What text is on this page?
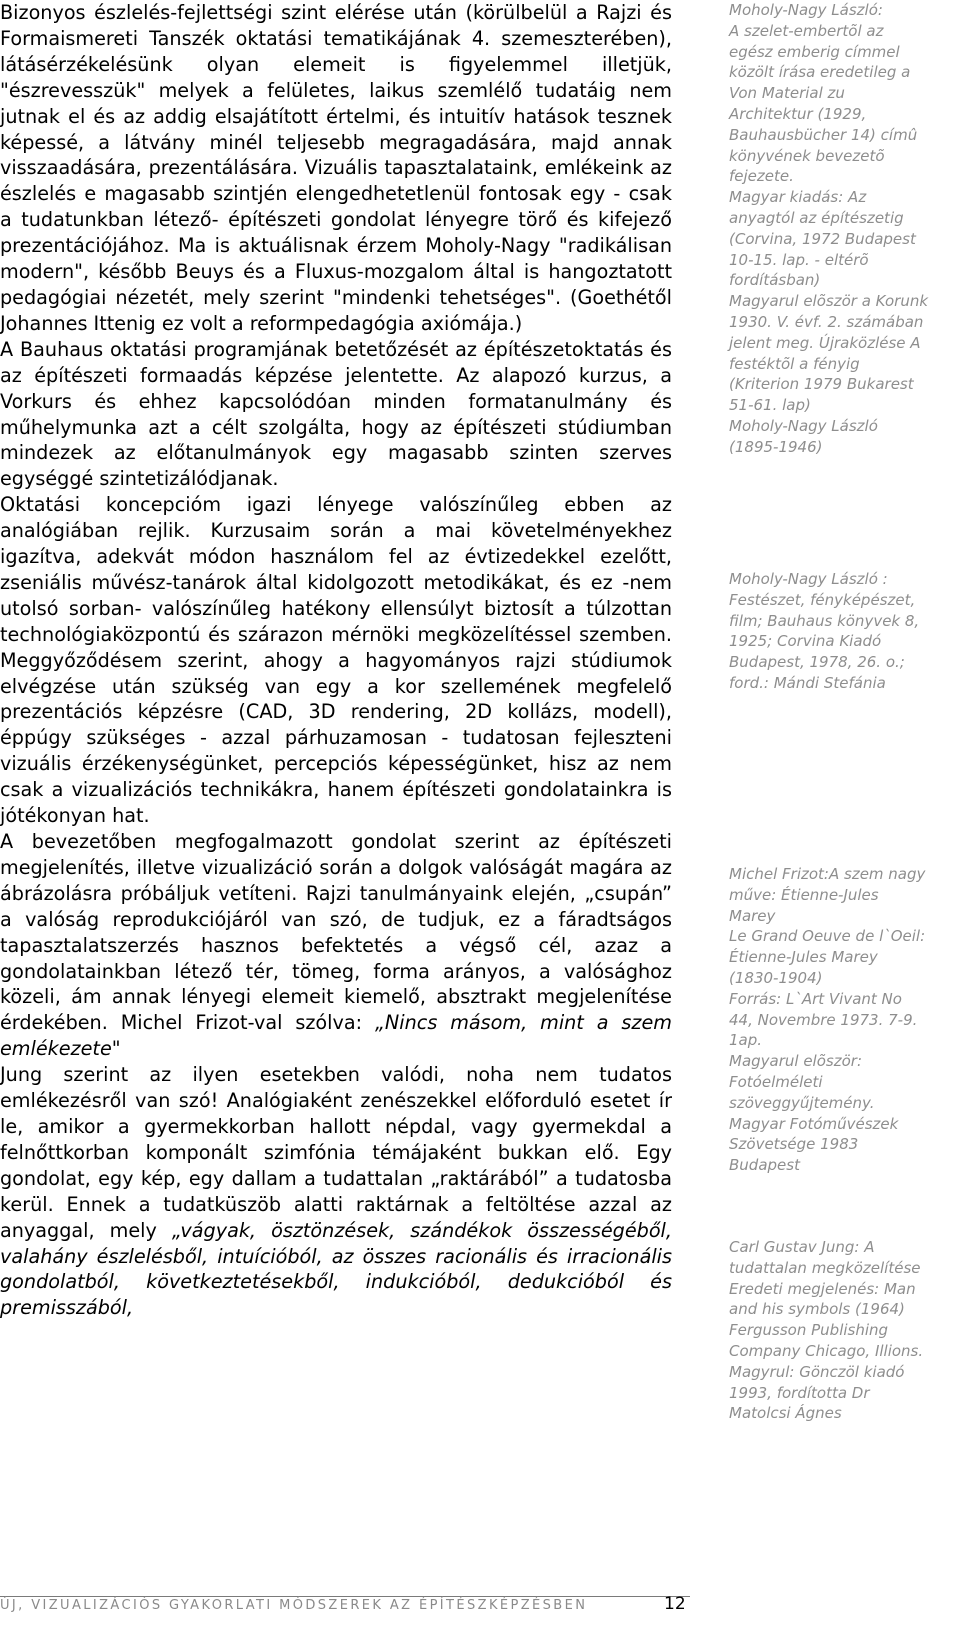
Bizonyos észlelés-fejlettségi szint elérése után (körülbelül a Rajzi és Formaismereti Tanszék oktatási tematikájának 4. szemeszterében), látásérzékelésünk olyan elemeit is figyelemmel illetjük, "észrevesszük" melyek a felületes, laikus szemlélő tudatáig nem jutnak el és az addig elsajátított értelmi, és intuitív hatások tesznek képessé, a látvány minél teljesebb megragadására, majd annak visszaadására, prezentálására. Vizuális tapasztalataink, emlékeink az észlelés e magasabb szintjén elengedhetetlenül fontosak egy - csak a tudatunkban létező- építészeti gondolat lényegre törő és kifejező prezentációjához. Ma is aktuálisnak érzem Moholy-Nagy "radikálisan modern", később Beuys és a Fluxus-mozgalom által is hangoztatott pedagógiai nézetét, mely szerint "mindenki tehetséges". (Goethétől Johannes Ittenig ez volt a reformpedagógia axiómája.)

A Bauhaus oktatási programjának betetőzését az építészetoktatás és az építészeti formaadás képzése jelentette. Az alapozó kurzus, a Vorkurs és ehhez kapcsolódóan minden formatanulmány és műhelymunka azt a célt szolgálta, hogy az építészeti stúdiumban mindezek az előtanulmányok egy magasabb szinten szerves egységgé szintetizálódjanak.

Oktatási koncepcióm igazi lényege valószínűleg ebben az analógiában rejlik. Kurzusaim során a mai követelményekhez igazítva, adekvát módon használom fel az évtizedekkel ezelőtt, zseniális művész-tanárok által kidolgozott metodikákat, és ez -nem utolsó sorban- valószínűleg hatékony ellensúlyt biztosít a túlzottan technológiaközpontú és szárazon mérnöki megközelítéssel szemben. Meggyőződésem szerint, ahogy a hagyományos rajzi stúdiumok elvégzése után szükség van egy a kor szellemének megfelelő prezentációs képzésre (CAD, 3D rendering, 2D kollázs, modell), éppúgy szükséges - azzal párhuzamosan - tudatosan fejleszteni vizuális érzékenységünket, percepciós képességünket, hisz az nem csak a vizualizációs technikákra, hanem építészeti gondolatainkra is jótékonyan hat.

A bevezetőben megfogalmazott gondolat szerint az építészeti megjelenítés, illetve vizualizáció során a dolgok valóságát magára az ábrázolásra próbáljuk vetíteni. Rajzi tanulmányaink elején, „csupán” a valóság reprodukciójáról van szó, de tudjuk, ez a fáradtságos tapasztalatszerzés hasznos befektetés a végső cél, azaz a gondolatainkban létező tér, tömeg, forma arányos, a valósághoz közeli, ám annak lényegi elemeit kiemelő, absztrakt megjelenítése érdekében. Michel Frizot-val szólva: „Nincs másom, mint a szem emlékezete"

Jung szerint az ilyen esetekben valódi, noha nem tudatos emlékezésről van szó! Analógiaként zenészekkel előforduló esetet ír le, amikor a gyermekkorban hallott népdal, vagy gyermekdal a felnőttkorban komponált szimfónia témájaként bukkan elő. Egy gondolat, egy kép, egy dallam a tudattalan „raktárából” a tudatosba kerül. Ennek a tudatküszöb alatti raktárnak a feltöltése azzal az anyaggal, mely „vágyak, ösztönzések, szándékok összességéből, valahány észlelésből, intuícióból, az összes racionális és irracionális gondolatból, következtetésekből, indukcióból, dedukcióból és premisszából,

Moholy-Nagy László:
A szelet-embertõl az egész emberig címmel közölt írása eredetileg a Von Material zu Architektur (1929, Bauhausbücher 14) címû könyvének bevezetõ fejezete.
Magyar kiadás: Az anyagtól az építészetig (Corvina, 1972 Budapest 10-15. lap. - eltérõ fordításban)
Magyarul elõször a Korunk 1930. V. évf. 2. számában jelent meg. Újraközlése A festéktõl a fényig (Kriterion 1979 Bukarest 51-61. lap)
Moholy-Nagy László (1895-1946)

Moholy-Nagy László : Festészet, fényképészet, film; Bauhaus könyvek 8, 1925; Corvina Kiadó Budapest, 1978, 26. o.; ford.: Mándi Stefánia

Michel Frizot:A szem nagy műve: Étienne-Jules Marey
Le Grand Oeuve de l`Oeil: Étienne-Jules Marey (1830-1904)
Forrás: L`Art Vivant No 44, Novembre 1973. 7-9. 1ap.
Magyarul elõször: Fotóelméleti szöveggyűjtemény. Magyar Fotóművészek Szövetsége 1983 Budapest

Carl Gustav Jung: A tudattalan megközelítése
Eredeti megjelenés: Man and his symbols (1964) Fergusson Publishing Company Chicago, Illions.
Magyrul: Gönczöl kiadó 1993, fordította Dr Matolcsi Ágnes

ÚJ, VIZUALIZÁCIÓS GYAKORLATI MÓDSZEREK AZ ÉPÍTÉSZKÉPZÉSBEN	12
